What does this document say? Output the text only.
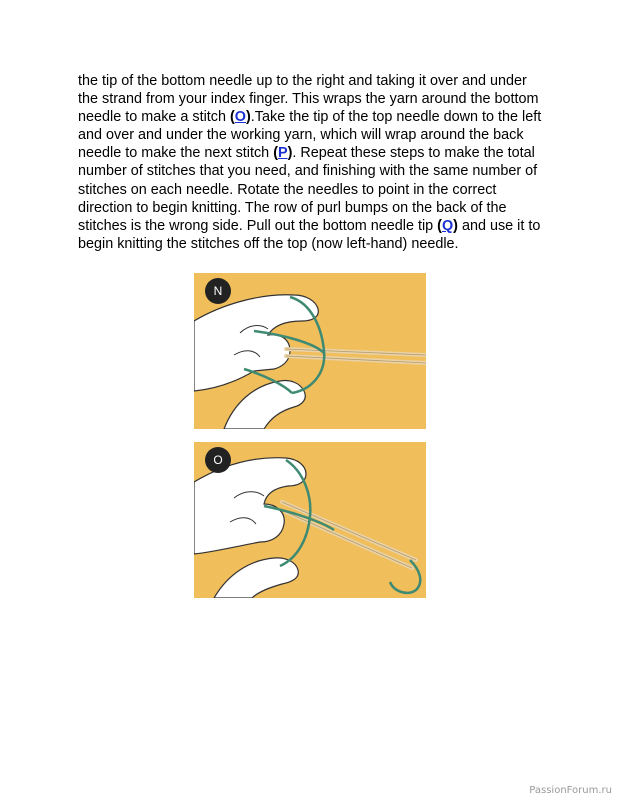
the tip of the bottom needle up to the right and taking it over and under the strand from your index finger. This wraps the yarn around the bottom needle to make a stitch (O).Take the tip of the top needle down to the left and over and under the working yarn, which will wrap around the back needle to make the next stitch (P). Repeat these steps to make the total number of stitches that you need, and finishing with the same number of stitches on each needle. Rotate the needles to point in the correct direction to begin knitting. The row of purl bumps on the back of the stitches is the wrong side. Pull out the bottom needle tip (Q) and use it to begin knitting the stitches off the top (now left-hand) needle.

N
O
PassionForum.ru
